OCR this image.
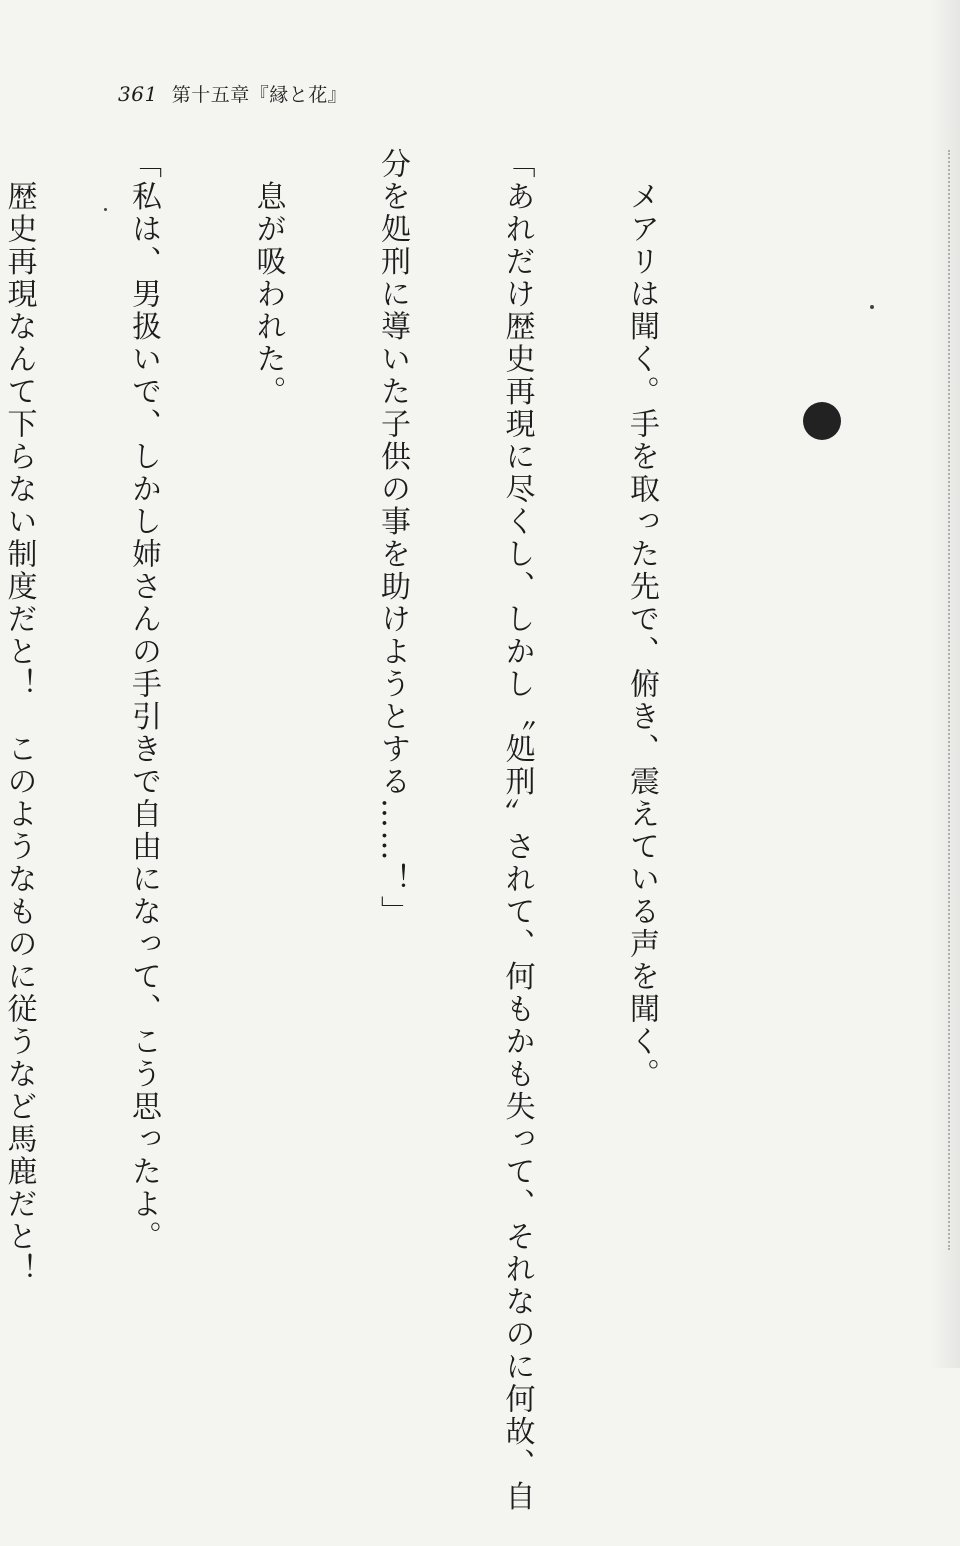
361 第十五章『縁と花』

　メアリは聞く。手を取った先で、俯き、震えている声を聞く。

「あれだけ歴史再現に尽くし、しかし〝処刑〟されて、何もかも失って、それなのに何故、自

分を処刑に導いた子供の事を助けようとする……！」

　息が吸われた。

「私は、男扱いで、しかし姉さんの手引きで自由になって、こう思ったよ。

　歴史再現なんて下らない制度だと！　このようなものに従うなど馬鹿だと！
